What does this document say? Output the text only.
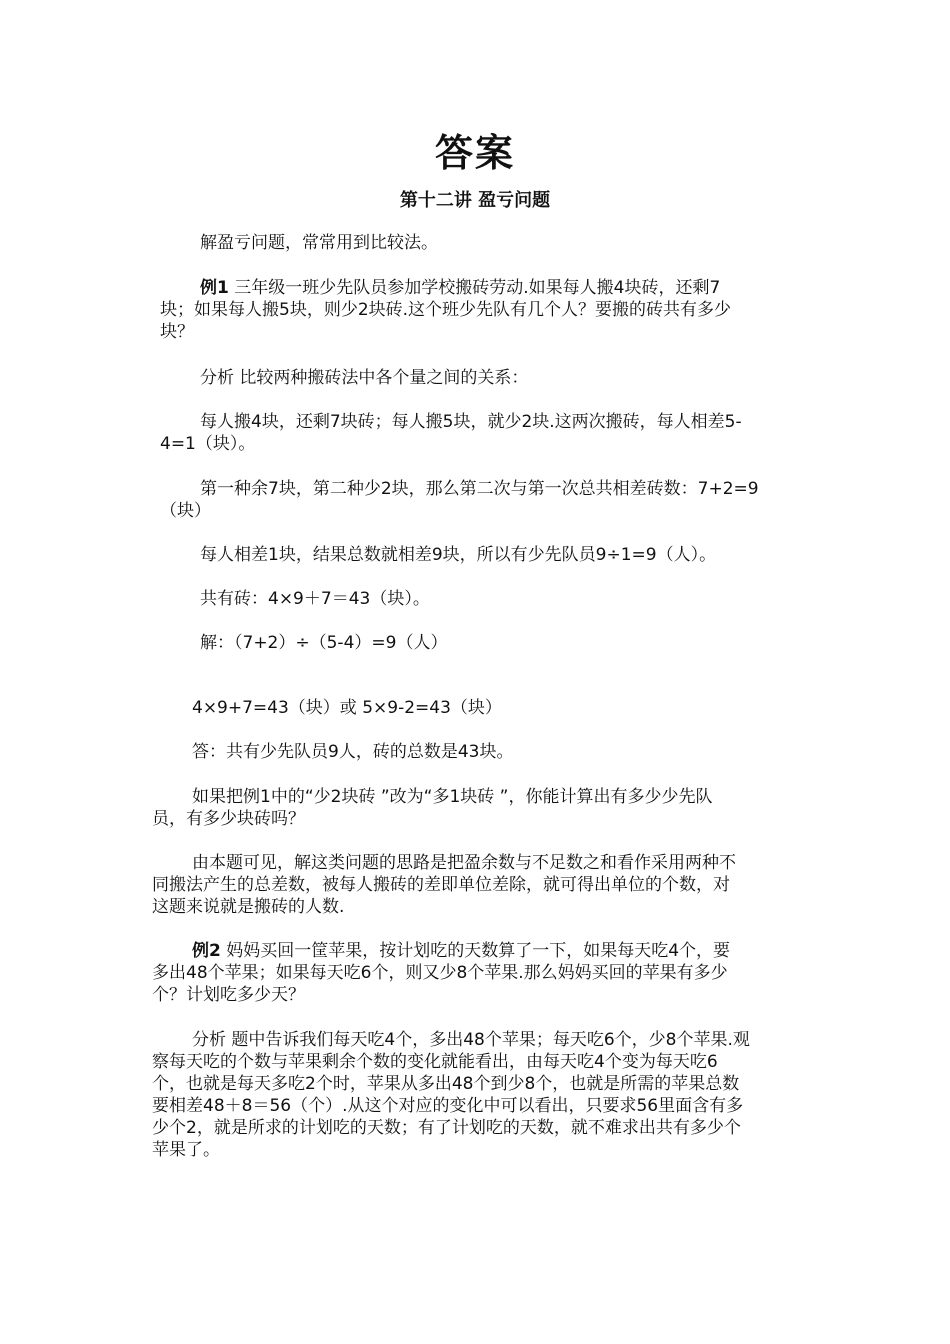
答案
第十二讲 盈亏问题
解盈亏问题，常常用到比较法。
例1 三年级一班少先队员参加学校搬砖劳动.如果每人搬4块砖，还剩7
块；如果每人搬5块，则少2块砖.这个班少先队有几个人？要搬的砖共有多少
块？
分析 比较两种搬砖法中各个量之间的关系：
每人搬4块，还剩7块砖；每人搬5块，就少2块.这两次搬砖，每人相差5-
4=1（块）。
第一种余7块，第二种少2块，那么第二次与第一次总共相差砖数：7+2=9
（块）
每人相差1块，结果总数就相差9块，所以有少先队员9÷1=9（人）。
共有砖：4×9＋7＝43（块）。
解：（7+2）÷（5-4）=9（人）
4×9+7=43（块）或 5×9-2=43（块）
答：共有少先队员9人，砖的总数是43块。
如果把例1中的“少2块砖 ”改为“多1块砖 ”，你能计算出有多少少先队
员，有多少块砖吗？
由本题可见，解这类问题的思路是把盈余数与不足数之和看作采用两种不
同搬法产生的总差数，被每人搬砖的差即单位差除，就可得出单位的个数，对
这题来说就是搬砖的人数.
例2 妈妈买回一筐苹果，按计划吃的天数算了一下，如果每天吃4个，要
多出48个苹果；如果每天吃6个，则又少8个苹果.那么妈妈买回的苹果有多少
个？计划吃多少天？
分析 题中告诉我们每天吃4个，多出48个苹果；每天吃6个，少8个苹果.观
察每天吃的个数与苹果剩余个数的变化就能看出，由每天吃4个变为每天吃6
个，也就是每天多吃2个时，苹果从多出48个到少8个，也就是所需的苹果总数
要相差48＋8＝56（个）.从这个对应的变化中可以看出，只要求56里面含有多
少个2，就是所求的计划吃的天数；有了计划吃的天数，就不难求出共有多少个
苹果了。
